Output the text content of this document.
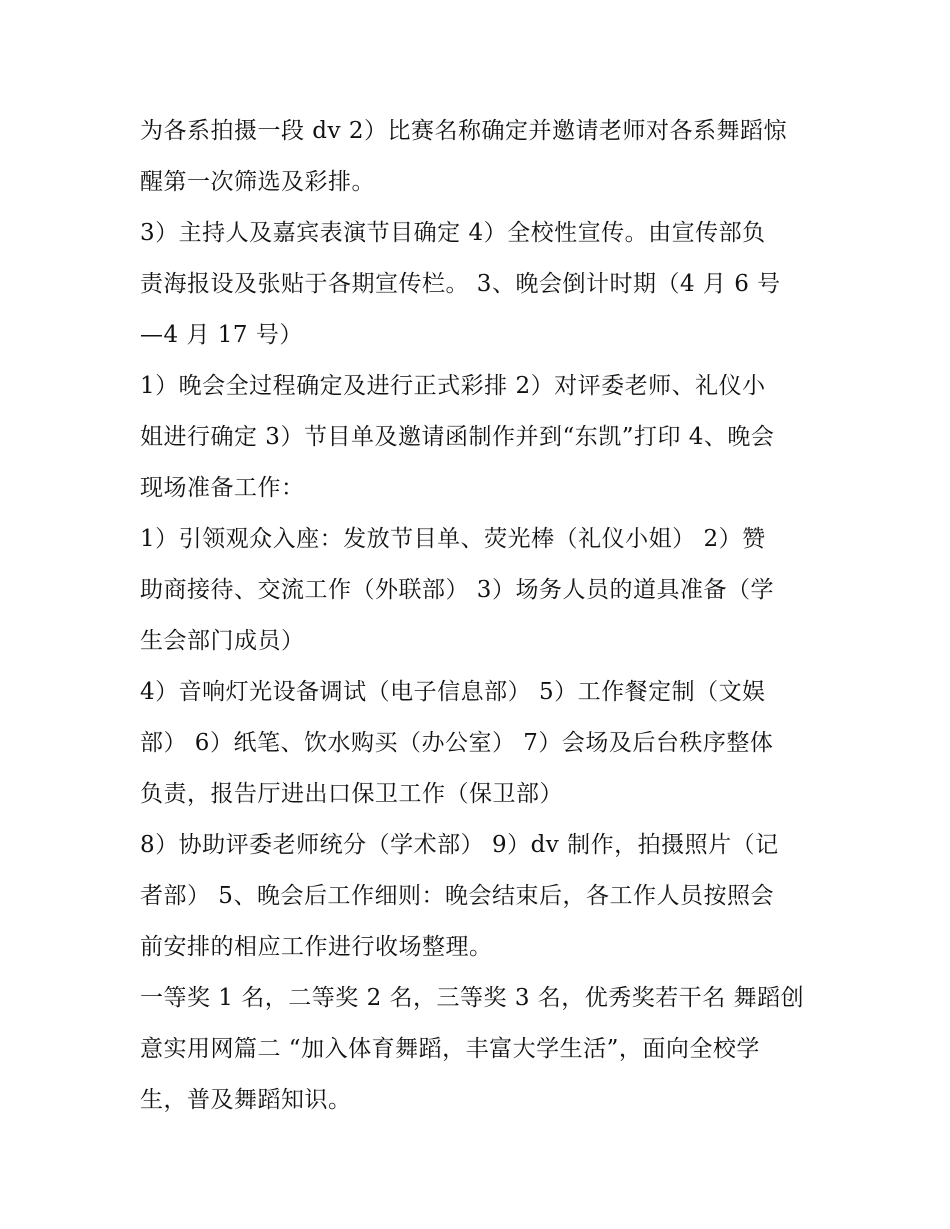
为各系拍摄一段 dv 2）比赛名称确定并邀请老师对各系舞蹈惊
醒第一次筛选及彩排。
3）主持人及嘉宾表演节目确定 4）全校性宣传。由宣传部负
责海报设及张贴于各期宣传栏。 3、晚会倒计时期（4 月 6 号
—4 月 17 号）
1）晚会全过程确定及进行正式彩排 2）对评委老师、礼仪小
姐进行确定 3）节目单及邀请函制作并到“东凯”打印 4、晚会
现场准备工作：
1）引领观众入座：发放节目单、荧光棒（礼仪小姐） 2）赞
助商接待、交流工作（外联部） 3）场务人员的道具准备（学
生会部门成员）
4）音响灯光设备调试（电子信息部） 5）工作餐定制（文娱
部） 6）纸笔、饮水购买（办公室） 7）会场及后台秩序整体
负责，报告厅进出口保卫工作（保卫部）
8）协助评委老师统分（学术部） 9）dv 制作，拍摄照片（记
者部） 5、晚会后工作细则：晚会结束后，各工作人员按照会
前安排的相应工作进行收场整理。
一等奖 1 名，二等奖 2 名，三等奖 3 名，优秀奖若干名 舞蹈创
意实用网篇二 “加入体育舞蹈，丰富大学生活”，面向全校学
生，普及舞蹈知识。
